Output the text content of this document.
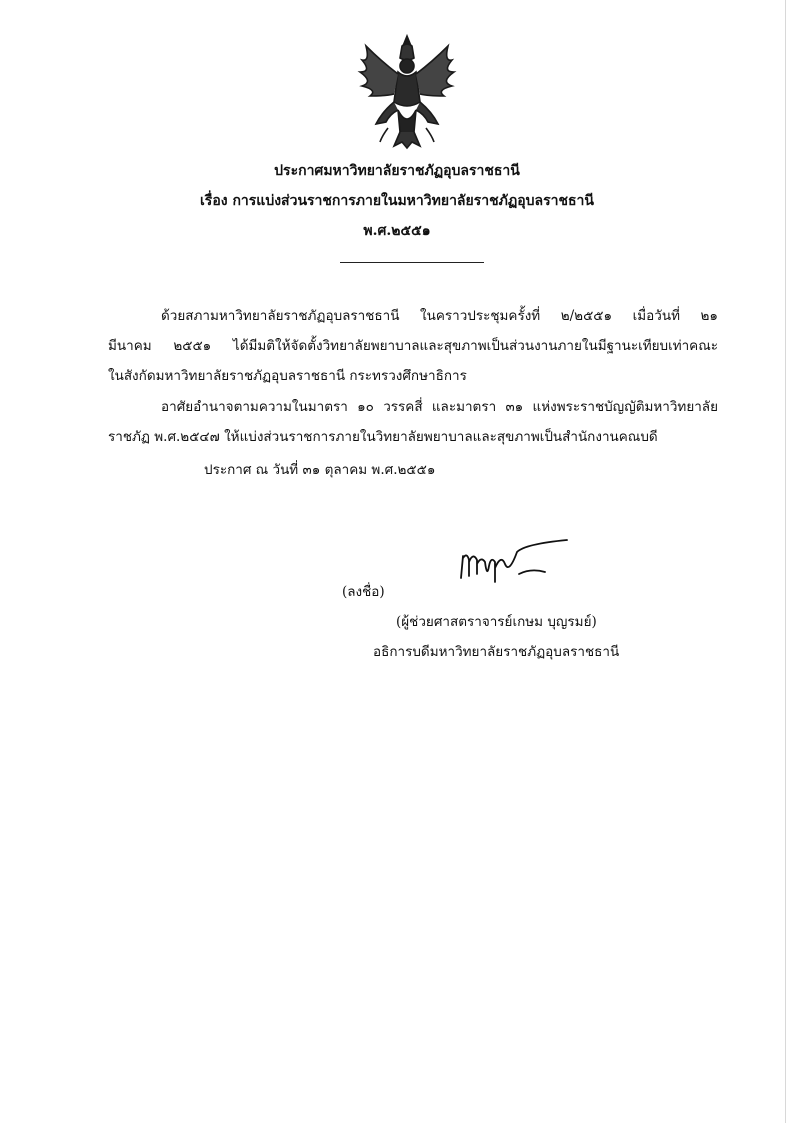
ประกาศมหาวิทยาลัยราชภัฏอุบลราชธานี
เรื่อง การแบ่งส่วนราชการภายในมหาวิทยาลัยราชภัฏอุบลราชธานี
พ.ศ.๒๕๕๑
ด้วยสภามหาวิทยาลัยราชภัฏอุบลราชธานี ในคราวประชุมครั้งที่ ๒/๒๕๕๑ เมื่อวันที่ ๒๑
มีนาคม ๒๕๕๑ ได้มีมติให้จัดตั้งวิทยาลัยพยาบาลและสุขภาพเป็นส่วนงานภายในมีฐานะเทียบเท่าคณะ
ในสังกัดมหาวิทยาลัยราชภัฏอุบลราชธานี กระทรวงศึกษาธิการ
อาศัยอำนาจตามความในมาตรา ๑๐ วรรคสี่ และมาตรา ๓๑ แห่งพระราชบัญญัติมหาวิทยาลัย
ราชภัฏ พ.ศ.๒๕๔๗ ให้แบ่งส่วนราชการภายในวิทยาลัยพยาบาลและสุขภาพเป็นสำนักงานคณบดี
ประกาศ ณ วันที่ ๓๑ ตุลาคม พ.ศ.๒๕๕๑
(ลงชื่อ)
(ผู้ช่วยศาสตราจารย์เกษม บุญรมย์)
อธิการบดีมหาวิทยาลัยราชภัฏอุบลราชธานี
